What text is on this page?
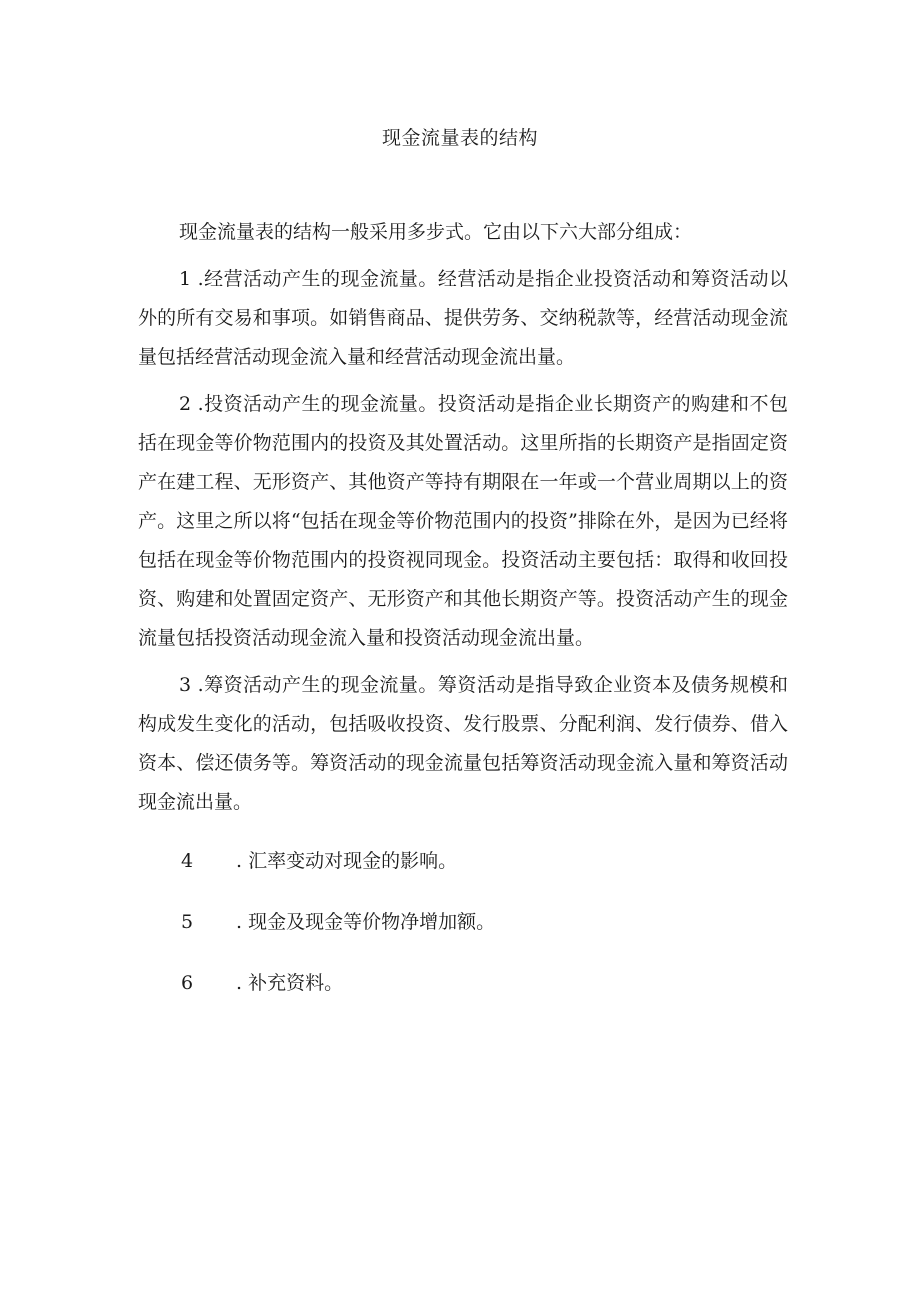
现金流量表的结构

现金流量表的结构一般采用多步式。它由以下六大部分组成：

1 .经营活动产生的现金流量。经营活动是指企业投资活动和筹资活动以外的所有交易和事项。如销售商品、提供劳务、交纳税款等，经营活动现金流量包括经营活动现金流入量和经营活动现金流出量。

2 .投资活动产生的现金流量。投资活动是指企业长期资产的购建和不包括在现金等价物范围内的投资及其处置活动。这里所指的长期资产是指固定资产在建工程、无形资产、其他资产等持有期限在一年或一个营业周期以上的资产。这里之所以将“包括在现金等价物范围内的投资”排除在外，是因为已经将包括在现金等价物范围内的投资视同现金。投资活动主要包括：取得和收回投资、购建和处置固定资产、无形资产和其他长期资产等。投资活动产生的现金流量包括投资活动现金流入量和投资活动现金流出量。

3 .筹资活动产生的现金流量。筹资活动是指导致企业资本及债务规模和构成发生变化的活动，包括吸收投资、发行股票、分配利润、发行债券、借入资本、偿还债务等。筹资活动的现金流量包括筹资活动现金流入量和筹资活动现金流出量。

4 . 汇率变动对现金的影响。
5 . 现金及现金等价物净增加额。
6 . 补充资料。
